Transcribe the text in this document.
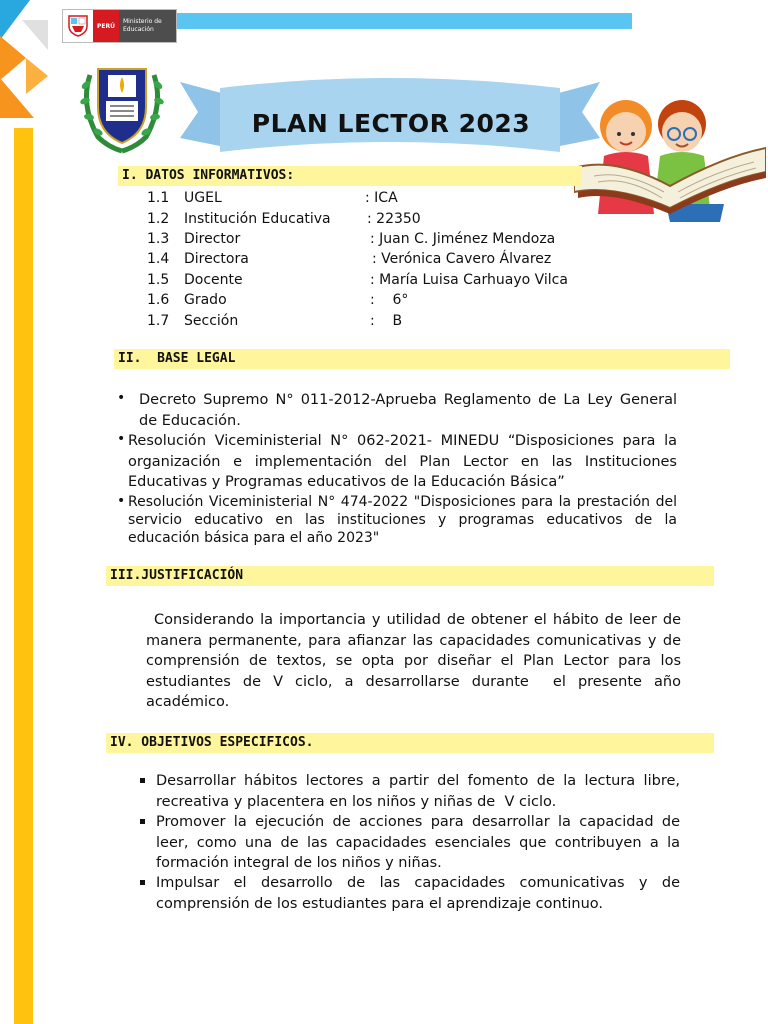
PERÚ
Ministerio de Educación
PLAN LECTOR 2023
I. DATOS INFORMATIVOS:
1.1 UGEL	: ICA
1.2 Institución Educativa	: 22350
1.3 Director	: Juan C. Jiménez Mendoza
1.4 Directora	: Verónica Cavero Álvarez
1.5 Docente	: María Luisa Carhuayo Vilca
1.6 Grado	:    6°
1.7 Sección	:    B
II.  BASE LEGAL
• Decreto Supremo N° 011-2012-Aprueba Reglamento de La Ley General de Educación.
• Resolución Viceministerial N° 062-2021- MINEDU “Disposiciones para la organización e implementación del Plan Lector en las Instituciones Educativas y Programas educativos de la Educación Básica”
• Resolución Viceministerial N° 474-2022 "Disposiciones para la prestación del servicio educativo en las instituciones y programas educativos de la educación básica para el año 2023"
III.JUSTIFICACIÓN
Considerando la importancia y utilidad de obtener el hábito de leer de manera permanente, para afianzar las capacidades comunicativas y de comprensión de textos, se opta por diseñar el Plan Lector para los estudiantes de V ciclo, a desarrollarse durante  el presente año académico.
IV. OBJETIVOS ESPECIFICOS.
Desarrollar hábitos lectores a partir del fomento de la lectura libre, recreativa y placentera en los niños y niñas de  V ciclo.
Promover la ejecución de acciones para desarrollar la capacidad de leer, como una de las capacidades esenciales que contribuyen a la formación integral de los niños y niñas.
Impulsar el desarrollo de las capacidades comunicativas y de comprensión de los estudiantes para el aprendizaje continuo.
